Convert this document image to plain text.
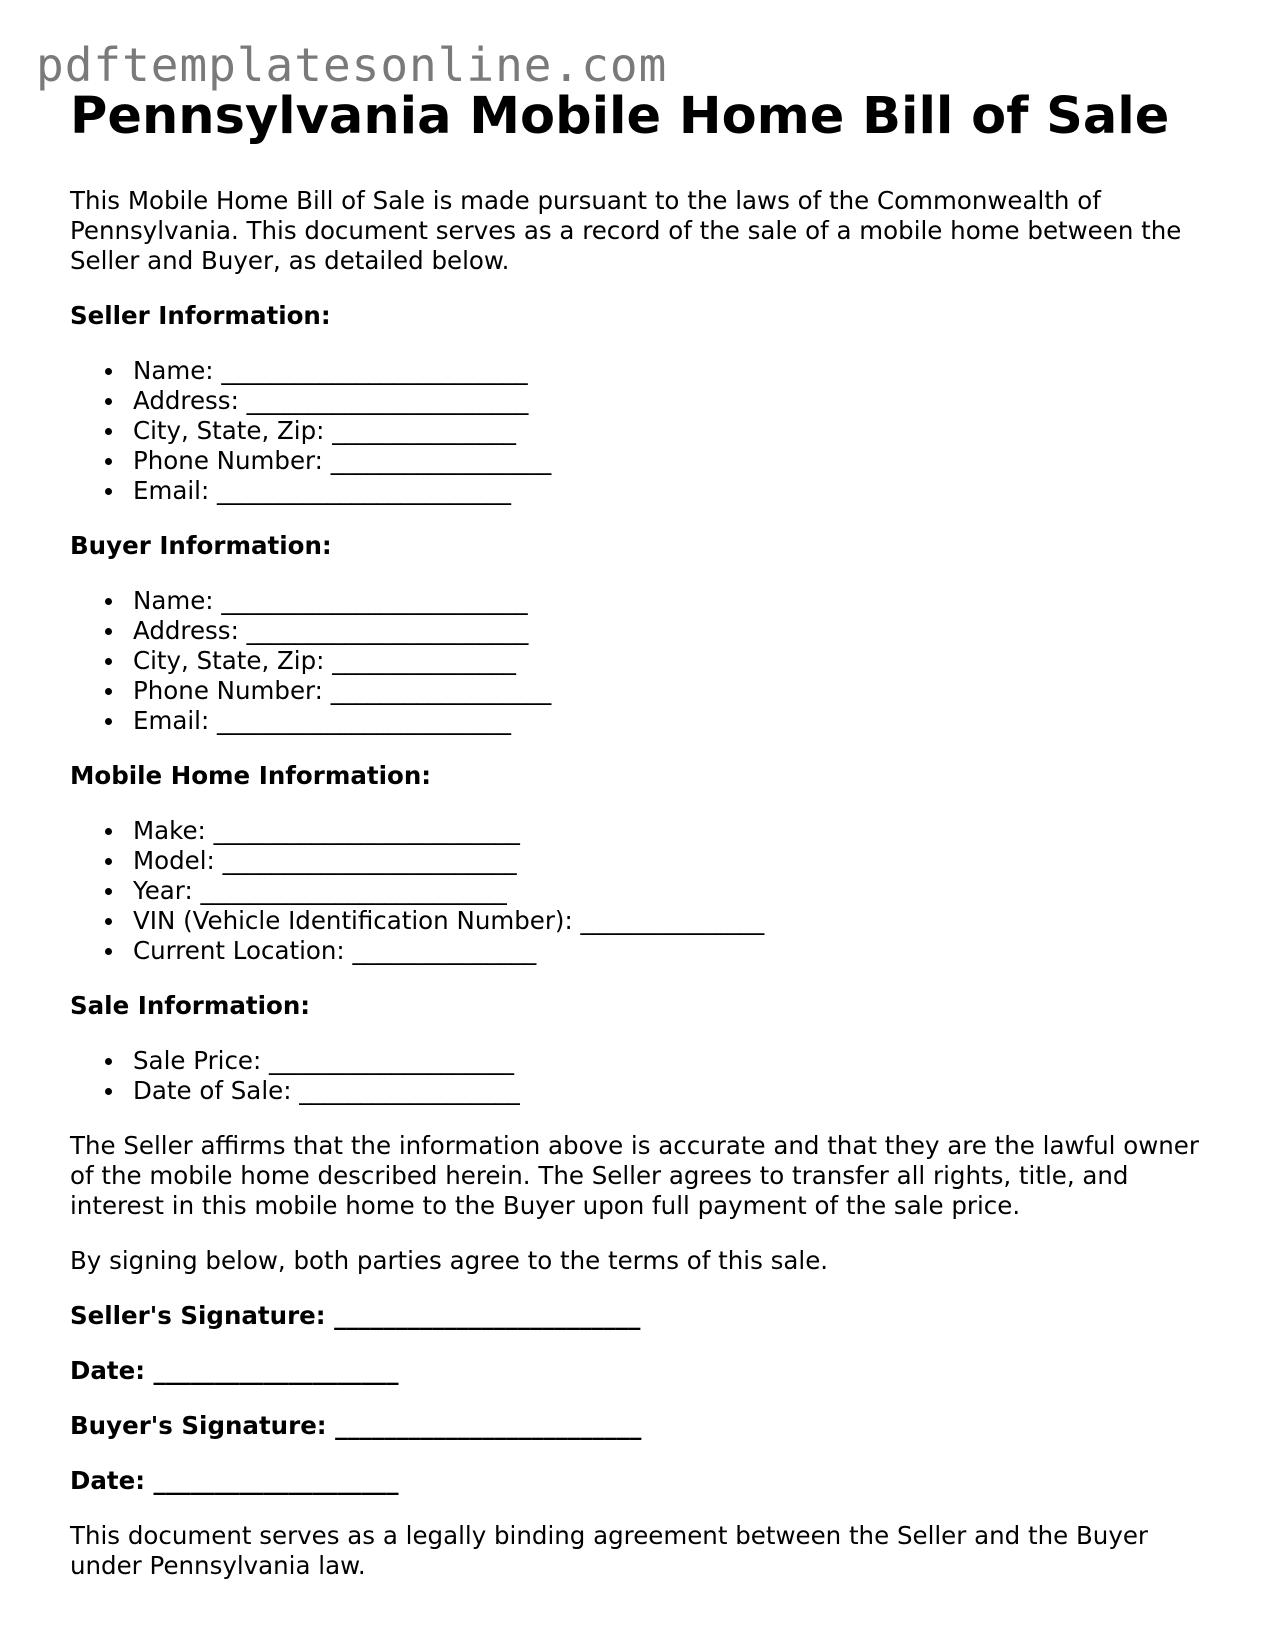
pdftemplatesonline.com
Pennsylvania Mobile Home Bill of Sale

This Mobile Home Bill of Sale is made pursuant to the laws of the Commonwealth of Pennsylvania. This document serves as a record of the sale of a mobile home between the Seller and Buyer, as detailed below.

Seller Information:
Name: _________________________
Address: _______________________
City, State, Zip: _______________
Phone Number: __________________
Email: ________________________
Buyer Information:
Name: _________________________
Address: _______________________
City, State, Zip: _______________
Phone Number: __________________
Email: ________________________
Mobile Home Information:
Make: _________________________
Model: ________________________
Year: _________________________
VIN (Vehicle Identification Number): _______________
Current Location: _______________
Sale Information:
Sale Price: ____________________
Date of Sale: __________________

The Seller affirms that the information above is accurate and that they are the lawful owner of the mobile home described herein. The Seller agrees to transfer all rights, title, and interest in this mobile home to the Buyer upon full payment of the sale price.

By signing below, both parties agree to the terms of this sale.

Seller's Signature: _________________________
Date: ____________________
Buyer's Signature: _________________________
Date: ____________________

This document serves as a legally binding agreement between the Seller and the Buyer under Pennsylvania law.
